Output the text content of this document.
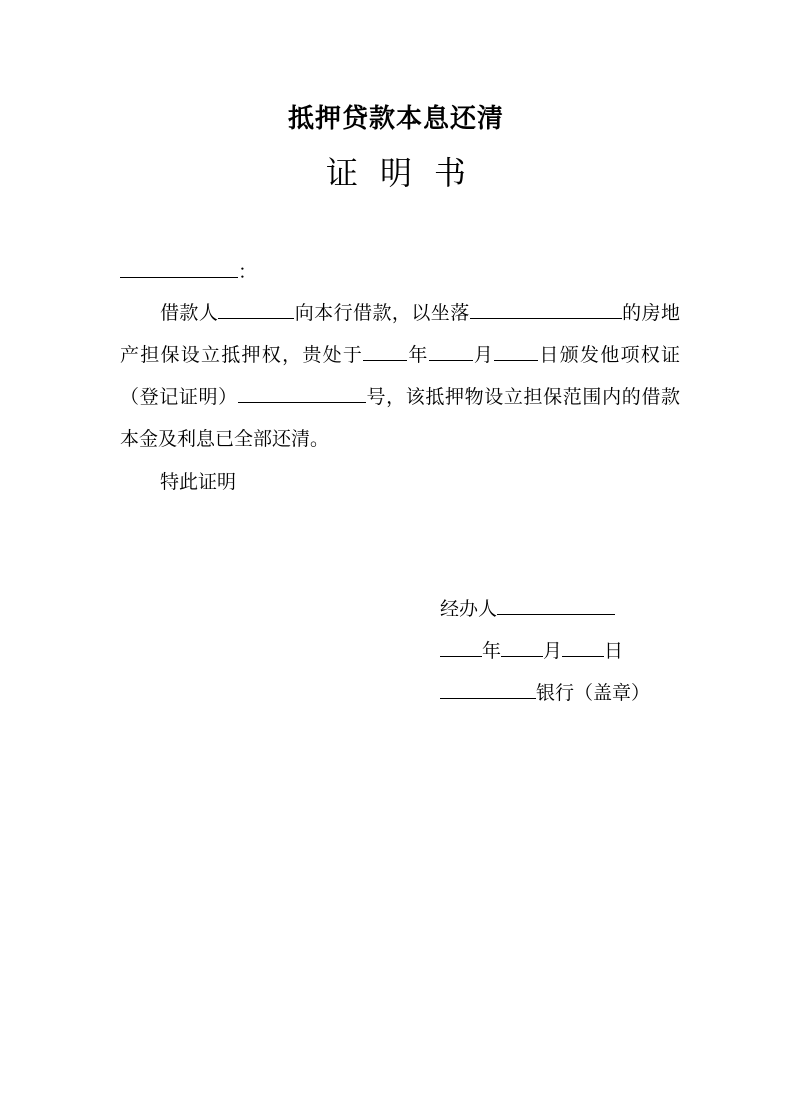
抵押贷款本息还清
证明书
：
借款人	向本行借款，以坐落	的房地产担保设立抵押权，贵处于 年 月 日颁发他项权证（登记证明）	号，该抵押物设立担保范围内的借款本金及利息已全部还清。
特此证明
经办人
年 月 日
银行（盖章）
